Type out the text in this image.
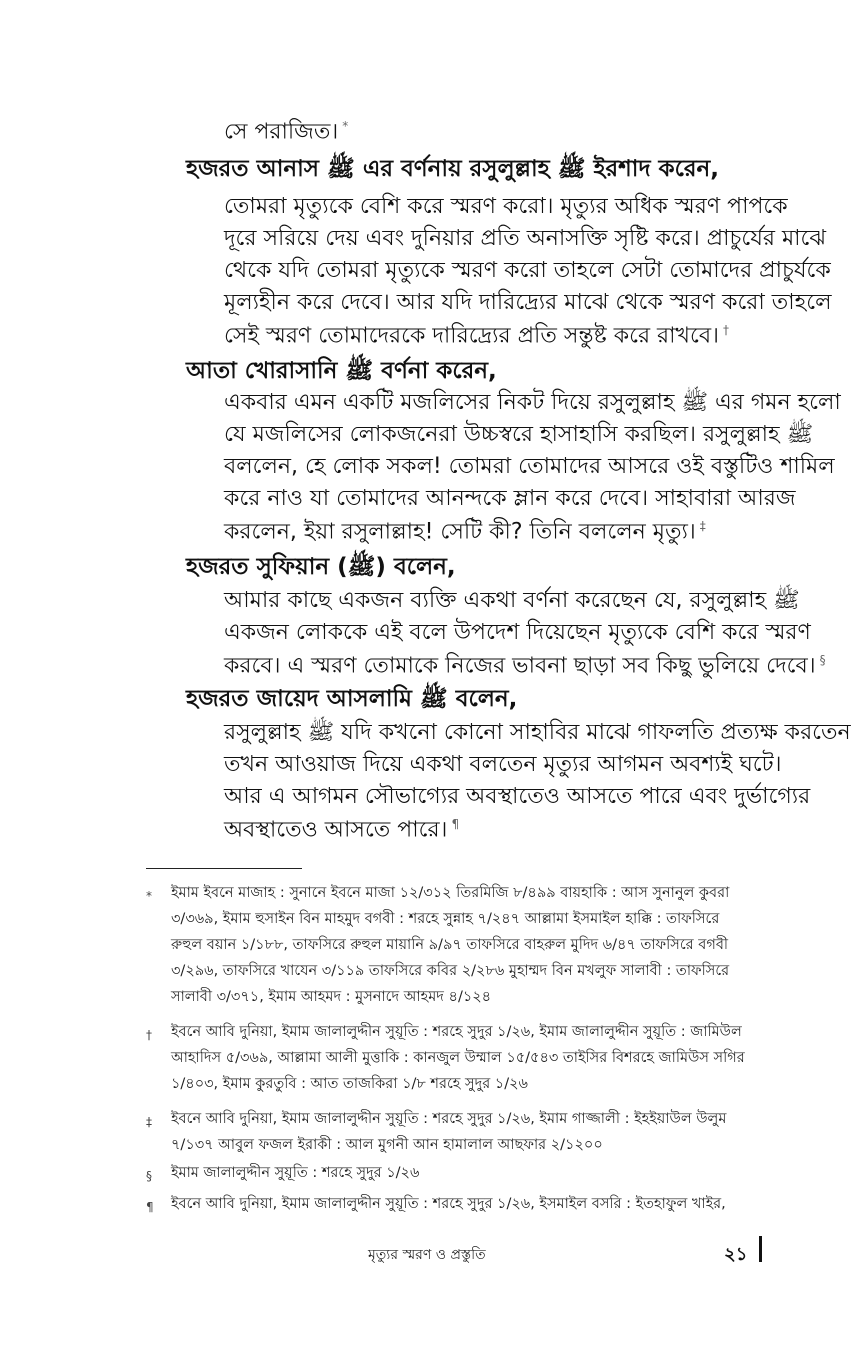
সে পরাজিত। *
হজরত আনাস ﷺ এর বর্ণনায় রসুলুল্লাহ ﷺ ইরশাদ করেন,
তোমরা মৃত্যুকে বেশি করে স্মরণ করো। মৃত্যুর অধিক স্মরণ পাপকে
দূরে সরিয়ে দেয় এবং দুনিয়ার প্রতি অনাসক্তি সৃষ্টি করে। প্রাচুর্যের মাঝে
থেকে যদি তোমরা মৃত্যুকে স্মরণ করো তাহলে সেটা তোমাদের প্রাচুর্যকে
মূল্যহীন করে দেবে। আর যদি দারিদ্র্যের মাঝে থেকে স্মরণ করো তাহলে
সেই স্মরণ তোমাদেরকে দারিদ্র্যের প্রতি সন্তুষ্ট করে রাখবে। †
আতা খোরাসানি ﷺ বর্ণনা করেন,
একবার এমন একটি মজলিসের নিকট দিয়ে রসুলুল্লাহ ﷺ এর গমন হলো
যে মজলিসের লোকজনেরা উচ্চস্বরে হাসাহাসি করছিল। রসুলুল্লাহ ﷺ
বললেন, হে লোক সকল! তোমরা তোমাদের আসরে ওই বস্তুটিও শামিল
করে নাও যা তোমাদের আনন্দকে ম্লান করে দেবে। সাহাবারা আরজ
করলেন, ইয়া রসুলাল্লাহ! সেটি কী? তিনি বললেন মৃত্যু। ‡
হজরত সুফিয়ান (ﷺ) বলেন,
আমার কাছে একজন ব্যক্তি একথা বর্ণনা করেছেন যে, রসুলুল্লাহ ﷺ
একজন লোককে এই বলে উপদেশ দিয়েছেন মৃত্যুকে বেশি করে স্মরণ
করবে। এ স্মরণ তোমাকে নিজের ভাবনা ছাড়া সব কিছু ভুলিয়ে দেবে। §
হজরত জায়েদ আসলামি ﷺ বলেন,
রসুলুল্লাহ ﷺ যদি কখনো কোনো সাহাবির মাঝে গাফলতি প্রত্যক্ষ করতেন
তখন আওয়াজ দিয়ে একথা বলতেন মৃত্যুর আগমন অবশ্যই ঘটে।
আর এ আগমন সৌভাগ্যের অবস্থাতেও আসতে পারে এবং দুর্ভাগ্যের
অবস্থাতেও আসতে পারে। ¶
* ইমাম ইবনে মাজাহ : সুনানে ইবনে মাজা ১২/৩১২ তিরমিজি ৮/৪৯৯ বায়হাকি : আস সুনানুল কুবরা
৩/৩৬৯, ইমাম হুসাইন বিন মাহমুদ বগবী : শরহে সুন্নাহ ৭/২৪৭ আল্লামা ইসমাইল হাক্কি : তাফসিরে
রুহুল বয়ান ১/১৮৮, তাফসিরে রুহুল মায়ানি ৯/৯৭ তাফসিরে বাহরুল মুদিদ ৬/৪৭ তাফসিরে বগবী
৩/২৯৬, তাফসিরে খাযেন ৩/১১৯ তাফসিরে কবির ২/২৮৬ মুহাম্মদ বিন মখলুফ সালাবী : তাফসিরে
সালাবী ৩/৩৭১, ইমাম আহমদ : মুসনাদে আহমদ ৪/১২৪
† ইবনে আবি দুনিয়া, ইমাম জালালুদ্দীন সুয়ূতি : শরহে সুদুর ১/২৬, ইমাম জালালুদ্দীন সুয়ূতি : জামিউল
আহাদিস ৫/৩৬৯, আল্লামা আলী মুত্তাকি : কানজুল উম্মাল ১৫/৫৪৩ তাইসির বিশরহে জামিউস সগির
১/৪০৩, ইমাম কুরতুবি : আত তাজকিরা ১/৮ শরহে সুদুর ১/২৬
‡ ইবনে আবি দুনিয়া, ইমাম জালালুদ্দীন সুয়ূতি : শরহে সুদুর ১/২৬, ইমাম গাজ্জালী : ইহইয়াউল উলুম
৭/১৩৭ আবুল ফজল ইরাকী : আল মুগনী আন হামালাল আছফার ২/১২০০
§ ইমাম জালালুদ্দীন সুয়ূতি : শরহে সুদুর ১/২৬
¶ ইবনে আবি দুনিয়া, ইমাম জালালুদ্দীন সুয়ূতি : শরহে সুদুর ১/২৬, ইসমাইল বসরি : ইতহাফুল খাইর,
মৃত্যুর স্মরণ ও প্রস্তুতি	২১
